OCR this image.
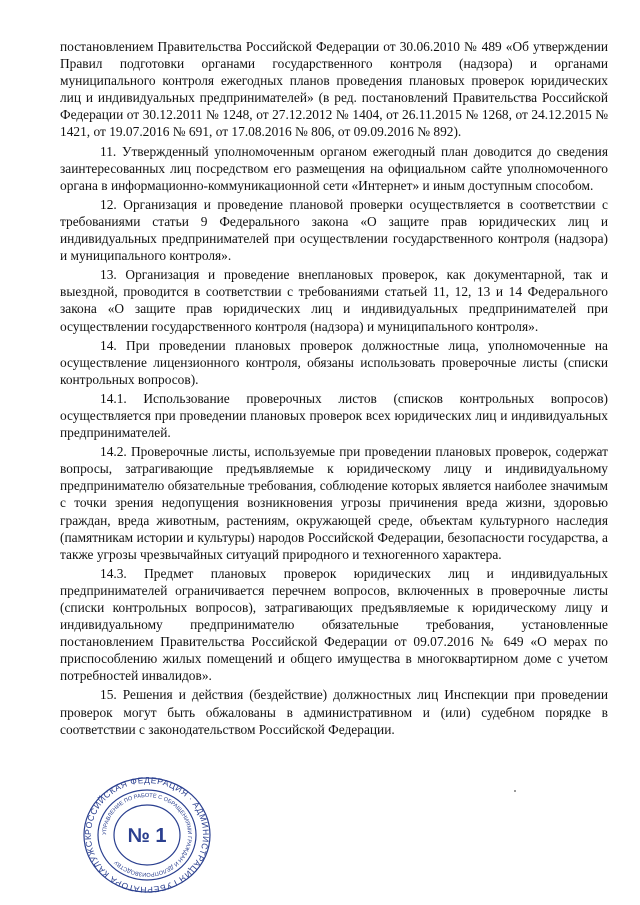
постановлением Правительства Российской Федерации от 30.06.2010 № 489 «Об утверждении Правил подготовки органами государственного контроля (надзора) и органами муниципального контроля ежегодных планов проведения плановых проверок юридических лиц и индивидуальных предпринимателей» (в ред. постановлений Правительства Российской Федерации от 30.12.2011 № 1248, от 27.12.2012 № 1404, от 26.11.2015 № 1268, от 24.12.2015 № 1421, от 19.07.2016 № 691, от 17.08.2016 № 806, от 09.09.2016 № 892).

11. Утвержденный уполномоченным органом ежегодный план доводится до сведения заинтересованных лиц посредством его размещения на официальном сайте уполномоченного органа в информационно-коммуникационной сети «Интернет» и иным доступным способом.

12. Организация и проведение плановой проверки осуществляется в соответствии с требованиями статьи 9 Федерального закона «О защите прав юридических лиц и индивидуальных предпринимателей при осуществлении государственного контроля (надзора) и муниципального контроля».

13. Организация и проведение внеплановых проверок, как документарной, так и выездной, проводится в соответствии с требованиями статьей 11, 12, 13 и 14 Федерального закона «О защите прав юридических лиц и индивидуальных предпринимателей при осуществлении государственного контроля (надзора) и муниципального контроля».

14. При проведении плановых проверок должностные лица, уполномоченные на осуществление лицензионного контроля, обязаны использовать проверочные листы (списки контрольных вопросов).

14.1. Использование проверочных листов (списков контрольных вопросов) осуществляется при проведении плановых проверок всех юридических лиц и индивидуальных предпринимателей.

14.2. Проверочные листы, используемые при проведении плановых проверок, содержат вопросы, затрагивающие предъявляемые к юридическому лицу и индивидуальному предпринимателю обязательные требования, соблюдение которых является наиболее значимым с точки зрения недопущения возникновения угрозы причинения вреда жизни, здоровью граждан, вреда животным, растениям, окружающей среде, объектам культурного наследия (памятникам истории и культуры) народов Российской Федерации, безопасности государства, а также угрозы чрезвычайных ситуаций природного и техногенного характера.

14.3. Предмет плановых проверок юридических лиц и индивидуальных предпринимателей ограничивается перечнем вопросов, включенных в проверочные листы (списки контрольных вопросов), затрагивающих предъявляемые к юридическому лицу и индивидуальному предпринимателю обязательные требования, установленные постановлением Правительства Российской Федерации от 09.07.2016 № 649 «О мерах по приспособлению жилых помещений и общего имущества в многоквартирном доме с учетом потребностей инвалидов».

15. Решения и действия (бездействие) должностных лиц Инспекции при проведении проверок могут быть обжалованы в административном и (или) судебном порядке в соответствии с законодательством Российской Федерации.

РОССИЙСКАЯ ФЕДЕРАЦИЯ · АДМИНИСТРАЦИЯ ГУБЕРНАТОРА КАЛУЖСК
УПРАВЛЕНИЕ ПО РАБОТЕ С ОБРАЩЕНИЯМИ ГРАЖДАН И ДЕЛОПРОИЗВОДСТВУ
№ 1
